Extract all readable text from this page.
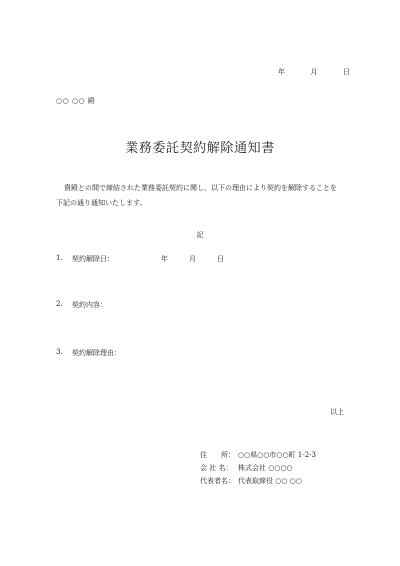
年	月	日
○○ ○○ 殿
業務委託契約解除通知書

貴殿との間で締結された業務委託契約に関し、以下の理由により契約を解除することを

下記の通り通知いたします。

記
1.	契約解除日：	年	月	日
2.	契約内容：
3.	契約解除理由：
以上
住　　所： ○○県○○市○○町 1-2-3
会 社 名： 株式会社 ○○○○
代表者名： 代表取締役 ○○ ○○
